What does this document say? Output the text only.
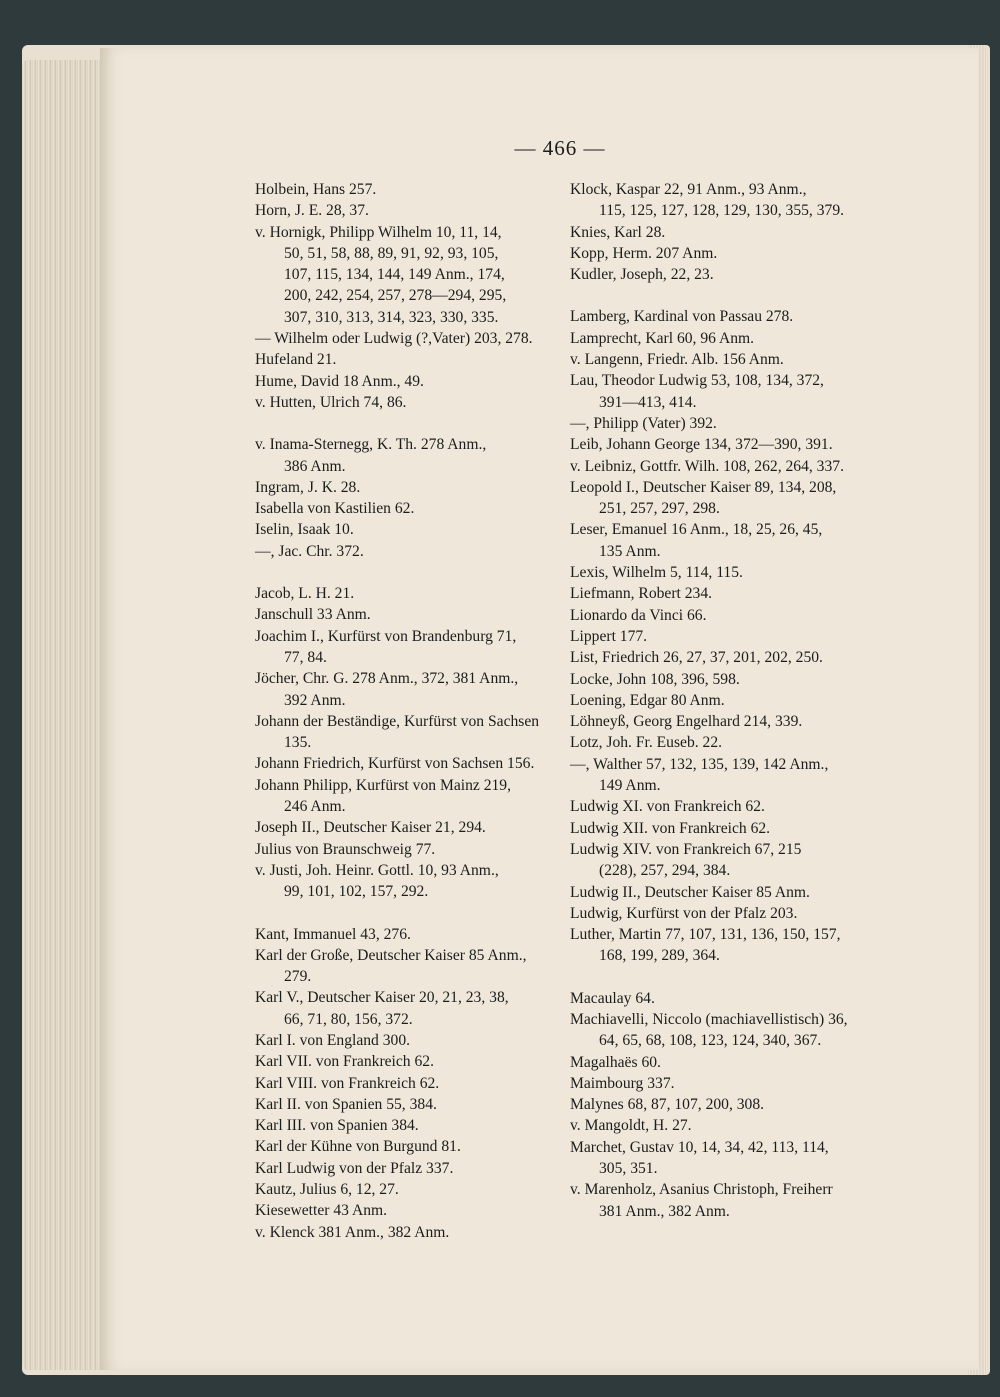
— 466 —
Holbein, Hans 257.
Horn, J. E. 28, 37.
v. Hornigk, Philipp Wilhelm 10, 11, 14,
50, 51, 58, 88, 89, 91, 92, 93, 105,
107, 115, 134, 144, 149 Anm., 174,
200, 242, 254, 257, 278—294, 295,
307, 310, 313, 314, 323, 330, 335.
— Wilhelm oder Ludwig (?,Vater) 203, 278.
Hufeland 21.
Hume, David 18 Anm., 49.
v. Hutten, Ulrich 74, 86.
v. Inama-Sternegg, K. Th. 278 Anm.,
386 Anm.
Ingram, J. K. 28.
Isabella von Kastilien 62.
Iselin, Isaak 10.
—, Jac. Chr. 372.
Jacob, L. H. 21.
Janschull 33 Anm.
Joachim I., Kurfürst von Brandenburg 71,
77, 84.
Jöcher, Chr. G. 278 Anm., 372, 381 Anm.,
392 Anm.
Johann der Beständige, Kurfürst von Sachsen
135.
Johann Friedrich, Kurfürst von Sachsen 156.
Johann Philipp, Kurfürst von Mainz 219,
246 Anm.
Joseph II., Deutscher Kaiser 21, 294.
Julius von Braunschweig 77.
v. Justi, Joh. Heinr. Gottl. 10, 93 Anm.,
99, 101, 102, 157, 292.
Kant, Immanuel 43, 276.
Karl der Große, Deutscher Kaiser 85 Anm.,
279.
Karl V., Deutscher Kaiser 20, 21, 23, 38,
66, 71, 80, 156, 372.
Karl I. von England 300.
Karl VII. von Frankreich 62.
Karl VIII. von Frankreich 62.
Karl II. von Spanien 55, 384.
Karl III. von Spanien 384.
Karl der Kühne von Burgund 81.
Karl Ludwig von der Pfalz 337.
Kautz, Julius 6, 12, 27.
Kiesewetter 43 Anm.
v. Klenck 381 Anm., 382 Anm.
Klock, Kaspar 22, 91 Anm., 93 Anm.,
115, 125, 127, 128, 129, 130, 355, 379.
Knies, Karl 28.
Kopp, Herm. 207 Anm.
Kudler, Joseph, 22, 23.
Lamberg, Kardinal von Passau 278.
Lamprecht, Karl 60, 96 Anm.
v. Langenn, Friedr. Alb. 156 Anm.
Lau, Theodor Ludwig 53, 108, 134, 372,
391—413, 414.
—, Philipp (Vater) 392.
Leib, Johann George 134, 372—390, 391.
v. Leibniz, Gottfr. Wilh. 108, 262, 264, 337.
Leopold I., Deutscher Kaiser 89, 134, 208,
251, 257, 297, 298.
Leser, Emanuel 16 Anm., 18, 25, 26, 45,
135 Anm.
Lexis, Wilhelm 5, 114, 115.
Liefmann, Robert 234.
Lionardo da Vinci 66.
Lippert 177.
List, Friedrich 26, 27, 37, 201, 202, 250.
Locke, John 108, 396, 598.
Loening, Edgar 80 Anm.
Löhneyß, Georg Engelhard 214, 339.
Lotz, Joh. Fr. Euseb. 22.
—, Walther 57, 132, 135, 139, 142 Anm.,
149 Anm.
Ludwig XI. von Frankreich 62.
Ludwig XII. von Frankreich 62.
Ludwig XIV. von Frankreich 67, 215
(228), 257, 294, 384.
Ludwig II., Deutscher Kaiser 85 Anm.
Ludwig, Kurfürst von der Pfalz 203.
Luther, Martin 77, 107, 131, 136, 150, 157,
168, 199, 289, 364.
Macaulay 64.
Machiavelli, Niccolo (machiavellistisch) 36,
64, 65, 68, 108, 123, 124, 340, 367.
Magalhaës 60.
Maimbourg 337.
Malynes 68, 87, 107, 200, 308.
v. Mangoldt, H. 27.
Marchet, Gustav 10, 14, 34, 42, 113, 114,
305, 351.
v. Marenholz, Asanius Christoph, Freiherr
381 Anm., 382 Anm.
